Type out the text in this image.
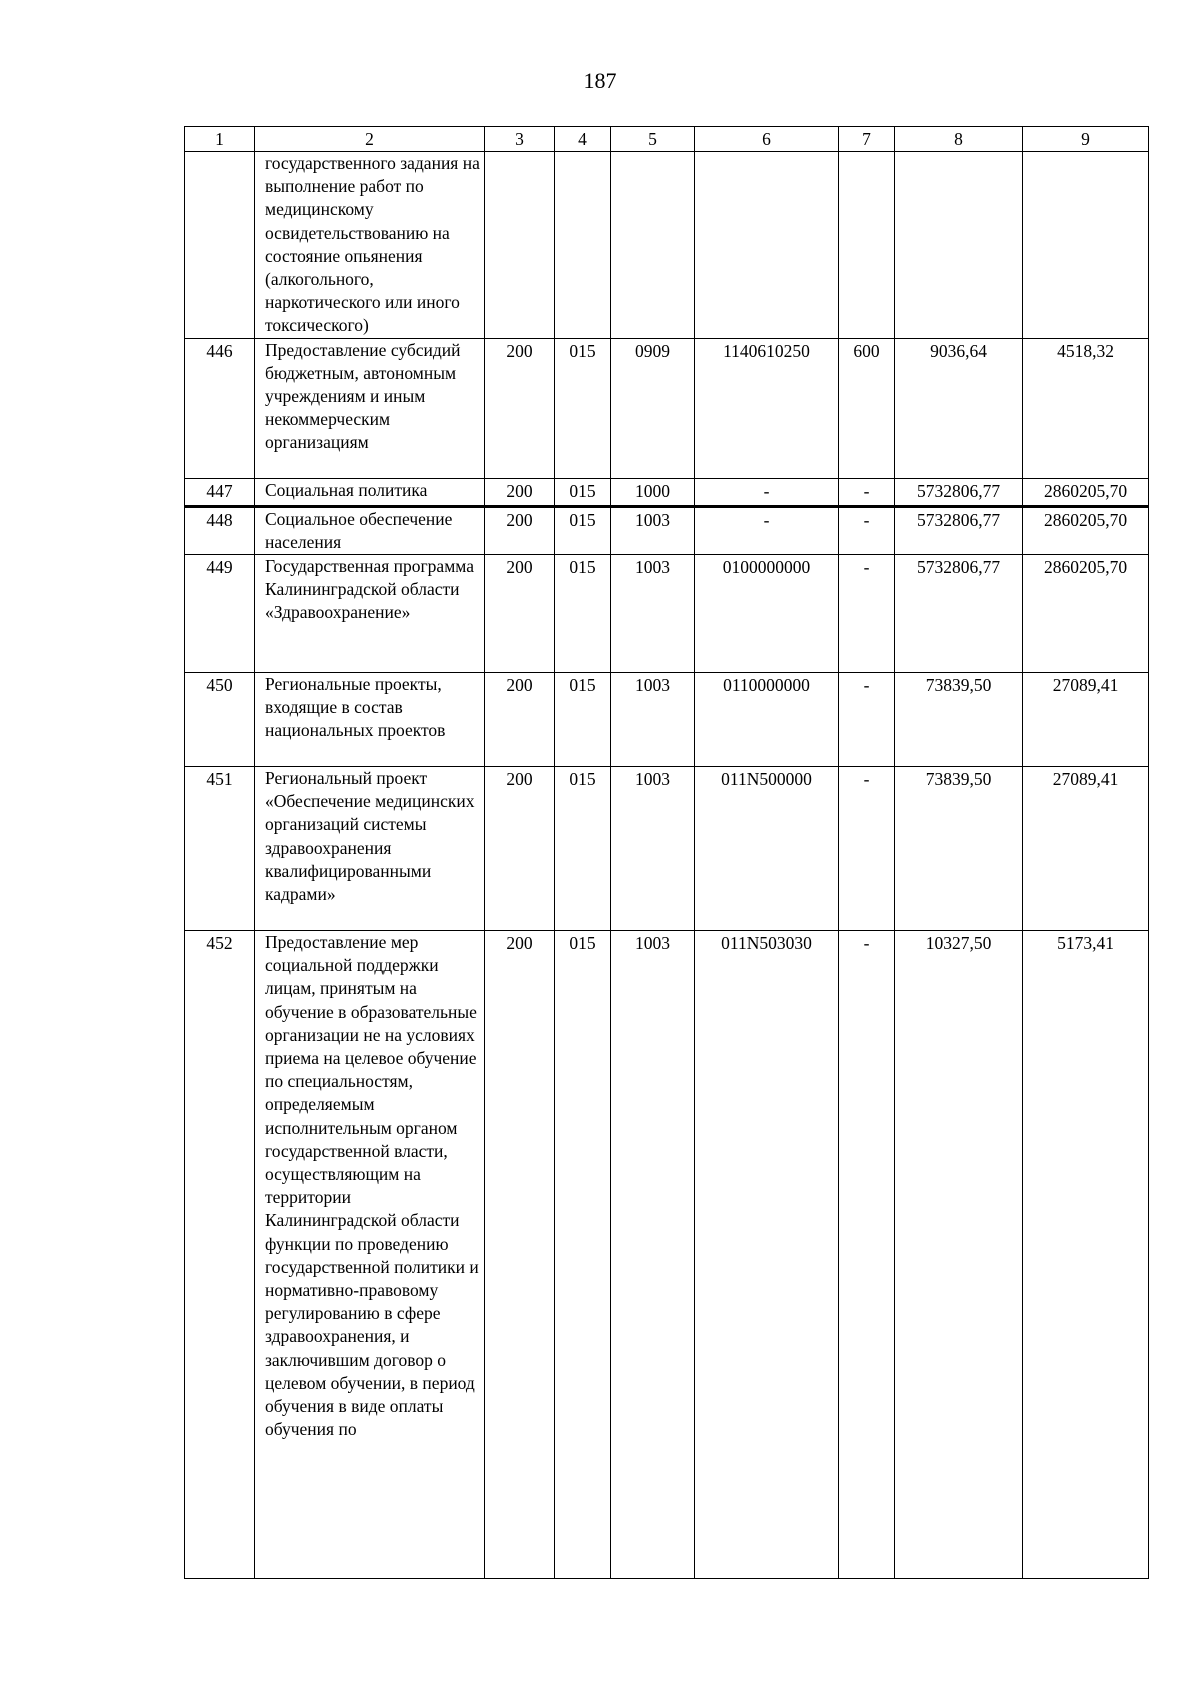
187
1	2	3	4	5	6	7	8	9
	государственного задания на выполнение работ по медицинскому освидетельствованию на состояние опьянения (алкогольного, наркотического или иного токсического)							
446	Предоставление субсидий бюджетным, автономным учреждениям и иным некоммерческим организациям	200	015	0909	1140610250	600	9036,64	4518,32
447	Социальная политика	200	015	1000	-	-	5732806,77	2860205,70
448	Социальное обеспечение населения	200	015	1003	-	-	5732806,77	2860205,70
449	Государственная программа Калининградской области «Здравоохранение»	200	015	1003	0100000000	-	5732806,77	2860205,70
450	Региональные проекты, входящие в состав национальных проектов	200	015	1003	0110000000	-	73839,50	27089,41
451	Региональный проект «Обеспечение медицинских организаций системы здравоохранения квалифицированными кадрами»	200	015	1003	011N500000	-	73839,50	27089,41
452	Предоставление мер социальной поддержки лицам, принятым на обучение в образовательные организации не на условиях приема на целевое обучение по специальностям, определяемым исполнительным органом государственной власти, осуществляющим на территории Калининградской области функции по проведению государственной политики и нормативно-правовому регулированию в сфере здравоохранения, и заключившим договор о целевом обучении, в период обучения в виде оплаты обучения по	200	015	1003	011N503030	-	10327,50	5173,41
